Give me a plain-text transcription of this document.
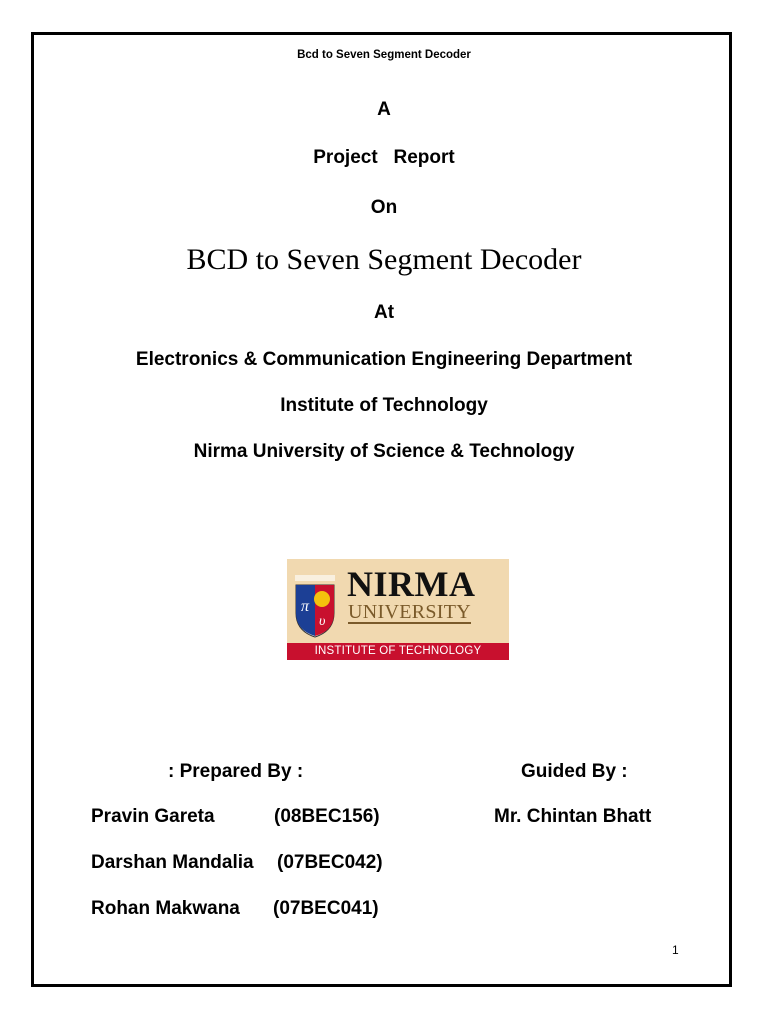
Bcd to Seven Segment Decoder
A
Project   Report
On
BCD to Seven Segment Decoder
At
Electronics & Communication Engineering Department
Institute of Technology
Nirma University of Science & Technology
π
υ
NIRMA
UNIVERSITY
INSTITUTE OF TECHNOLOGY
: Prepared By :	Guided By :
Pravin Gareta	(08BEC156)	Mr. Chintan Bhatt
Darshan Mandalia (07BEC042)
Rohan Makwana (07BEC041)
1
